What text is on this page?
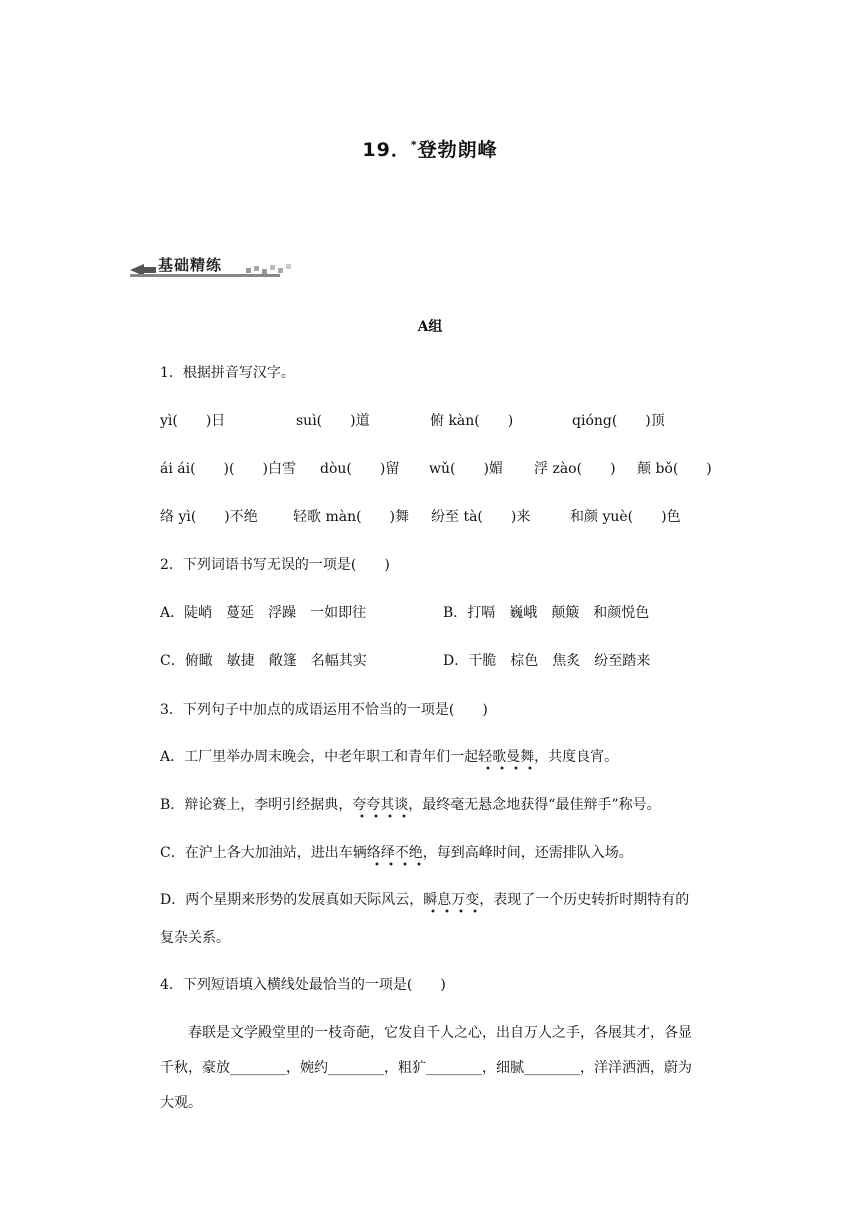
19．*登勃朗峰
基础精练
A组
1．根据拼音写汉字。
yì(　　)日	suì(　　)道	俯 kàn(　　)	qióng(　　)顶
ái ái(　　)(　　)白雪 dòu(　　)留 wǔ(　　)媚 浮 zào(　　) 颠 bǒ(　　)
络 yì(　　)不绝	轻歌 màn(　　)舞 纷至 tà(　　)来	和颜 yuè(　　)色
2．下列词语书写无误的一项是(　　)
A．陡峭　蔓延　浮躁　一如即往	B．打嗝　巍峨　颠簸　和颜悦色
C．俯瞰　敏捷　敞篷　名幅其实	D．干脆　棕色　焦炙　纷至踏来
3．下列句子中加点的成语运用不恰当的一项是(　　)
A．工厂里举办周末晚会，中老年职工和青年们一起轻歌曼舞，共度良宵。
B．辩论赛上，李明引经据典，夸夸其谈，最终毫无悬念地获得“最佳辩手”称号。
C．在沪上各大加油站，进出车辆络绎不绝，每到高峰时间，还需排队入场。
D．两个星期来形势的发展真如天际风云，瞬息万变，表现了一个历史转折时期特有的
复杂关系。
4．下列短语填入横线处最恰当的一项是(　　)
春联是文学殿堂里的一枝奇葩，它发自千人之心，出自万人之手，各展其才，各显
千秋，豪放________，婉约________，粗犷________，细腻________，洋洋洒洒，蔚为
大观。
